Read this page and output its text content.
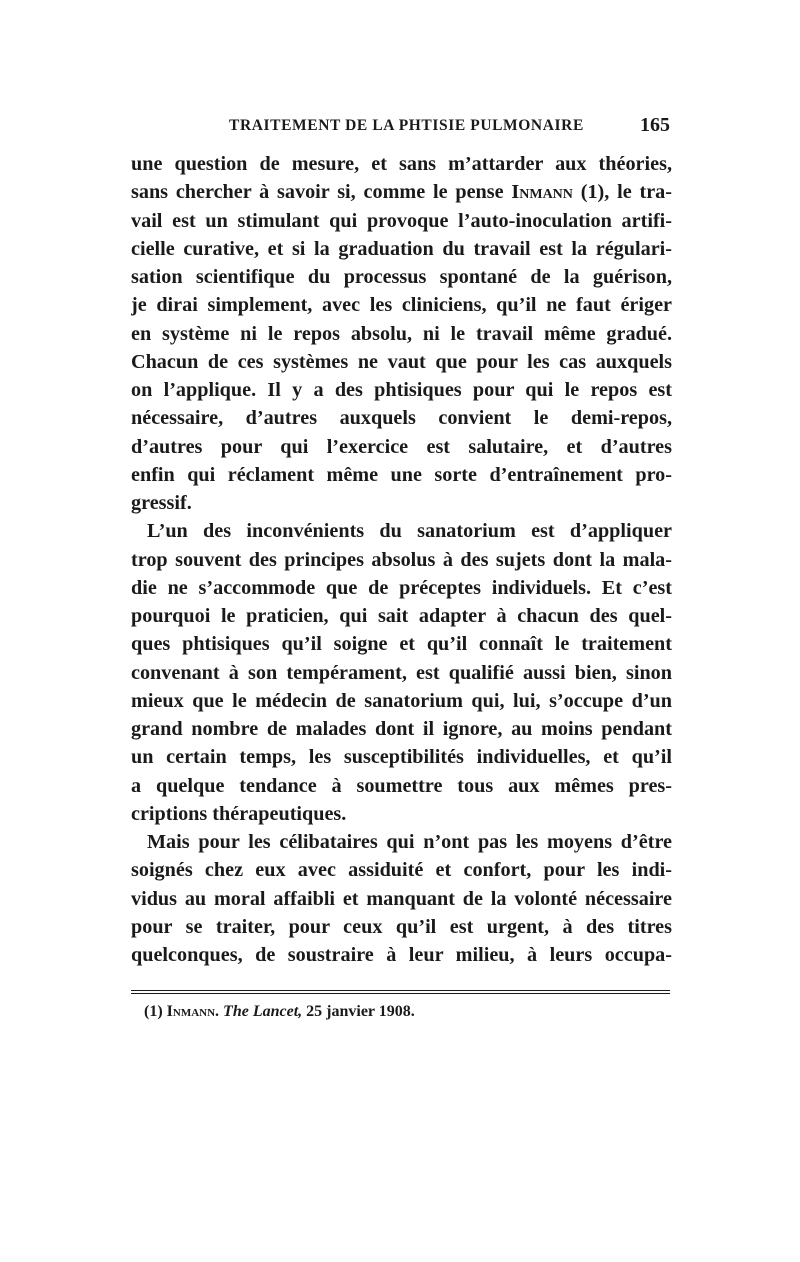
TRAITEMENT DE LA PHTISIE PULMONAIRE	165
une question de mesure, et sans m’attarder aux théories,
sans chercher à savoir si, comme le pense Inmann (1), le tra-
vail est un stimulant qui provoque l’auto-inoculation artifi-
cielle curative, et si la graduation du travail est la régulari-
sation scientifique du processus spontané de la guérison,
je dirai simplement, avec les cliniciens, qu’il ne faut ériger
en système ni le repos absolu, ni le travail même gradué.
Chacun de ces systèmes ne vaut que pour les cas auxquels
on l’applique. Il y a des phtisiques pour qui le repos est
nécessaire, d’autres auxquels convient le demi-repos,
d’autres pour qui l’exercice est salutaire, et d’autres
enfin qui réclament même une sorte d’entraînement pro-
gressif.
L’un des inconvénients du sanatorium est d’appliquer
trop souvent des principes absolus à des sujets dont la mala-
die ne s’accommode que de préceptes individuels. Et c’est
pourquoi le praticien, qui sait adapter à chacun des quel-
ques phtisiques qu’il soigne et qu’il connaît le traitement
convenant à son tempérament, est qualifié aussi bien, sinon
mieux que le médecin de sanatorium qui, lui, s’occupe d’un
grand nombre de malades dont il ignore, au moins pendant
un certain temps, les susceptibilités individuelles, et qu’il
a quelque tendance à soumettre tous aux mêmes pres-
criptions thérapeutiques.
Mais pour les célibataires qui n’ont pas les moyens d’être
soignés chez eux avec assiduité et confort, pour les indi-
vidus au moral affaibli et manquant de la volonté nécessaire
pour se traiter, pour ceux qu’il est urgent, à des titres
quelconques, de soustraire à leur milieu, à leurs occupa-
(1) Inmann. The Lancet, 25 janvier 1908.
